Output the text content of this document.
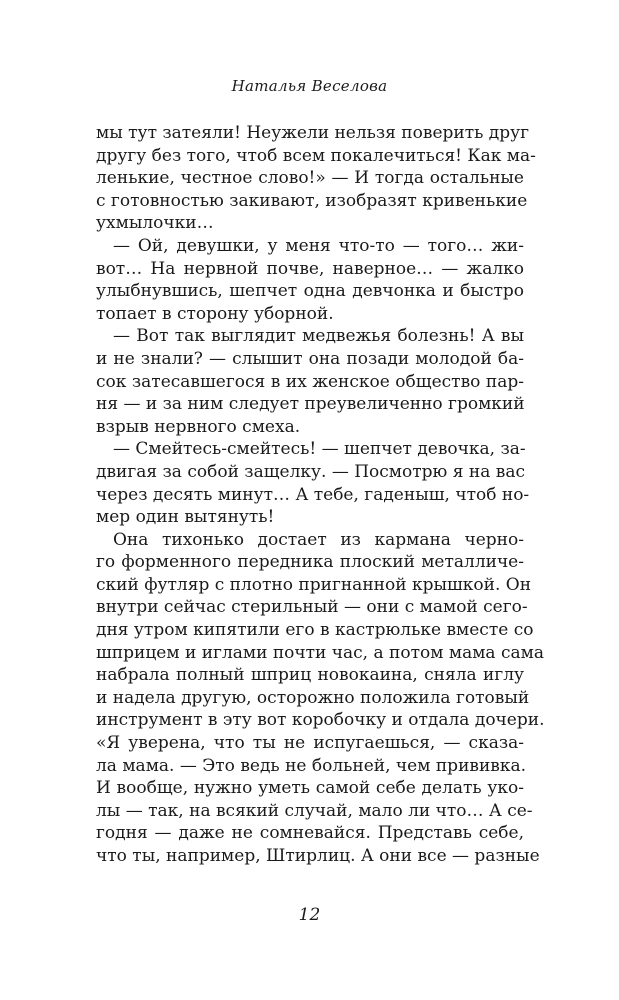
Наталья Веселова
мы тут затеяли! Неужели нельзя поверить друг
другу без того, чтоб всем покалечиться! Как ма-
ленькие, честное слово!» — И тогда остальные
с готовностью закивают, изобразят кривенькие
ухмылочки…
— Ой, девушки, у меня что-то — того… жи-
вот… На нервной почве, наверное… — жалко
улыбнувшись, шепчет одна девчонка и быстро
топает в сторону уборной.
— Вот так выглядит медвежья болезнь! А вы
и не знали? — слышит она позади молодой ба-
сок затесавшегося в их женское общество пар-
ня — и за ним следует преувеличенно громкий
взрыв нервного смеха.
— Смейтесь-смейтесь! — шепчет девочка, за-
двигая за собой защелку. — Посмотрю я на вас
через десять минут… А тебе, гаденыш, чтоб но-
мер один вытянуть!
Она тихонько достает из кармана черно-
го форменного передника плоский металличе-
ский футляр с плотно пригнанной крышкой. Он
внутри сейчас стерильный — они с мамой сего-
дня утром кипятили его в кастрюльке вместе со
шприцем и иглами почти час, а потом мама сама
набрала полный шприц новокаина, сняла иглу
и надела другую, осторожно положила готовый
инструмент в эту вот коробочку и отдала дочери.
«Я уверена, что ты не испугаешься, — сказа-
ла мама. — Это ведь не больней, чем прививка.
И вообще, нужно уметь самой себе делать уко-
лы — так, на всякий случай, мало ли что… А се-
годня — даже не сомневайся. Представь себе,
что ты, например, Штирлиц. А они все — разные
12
